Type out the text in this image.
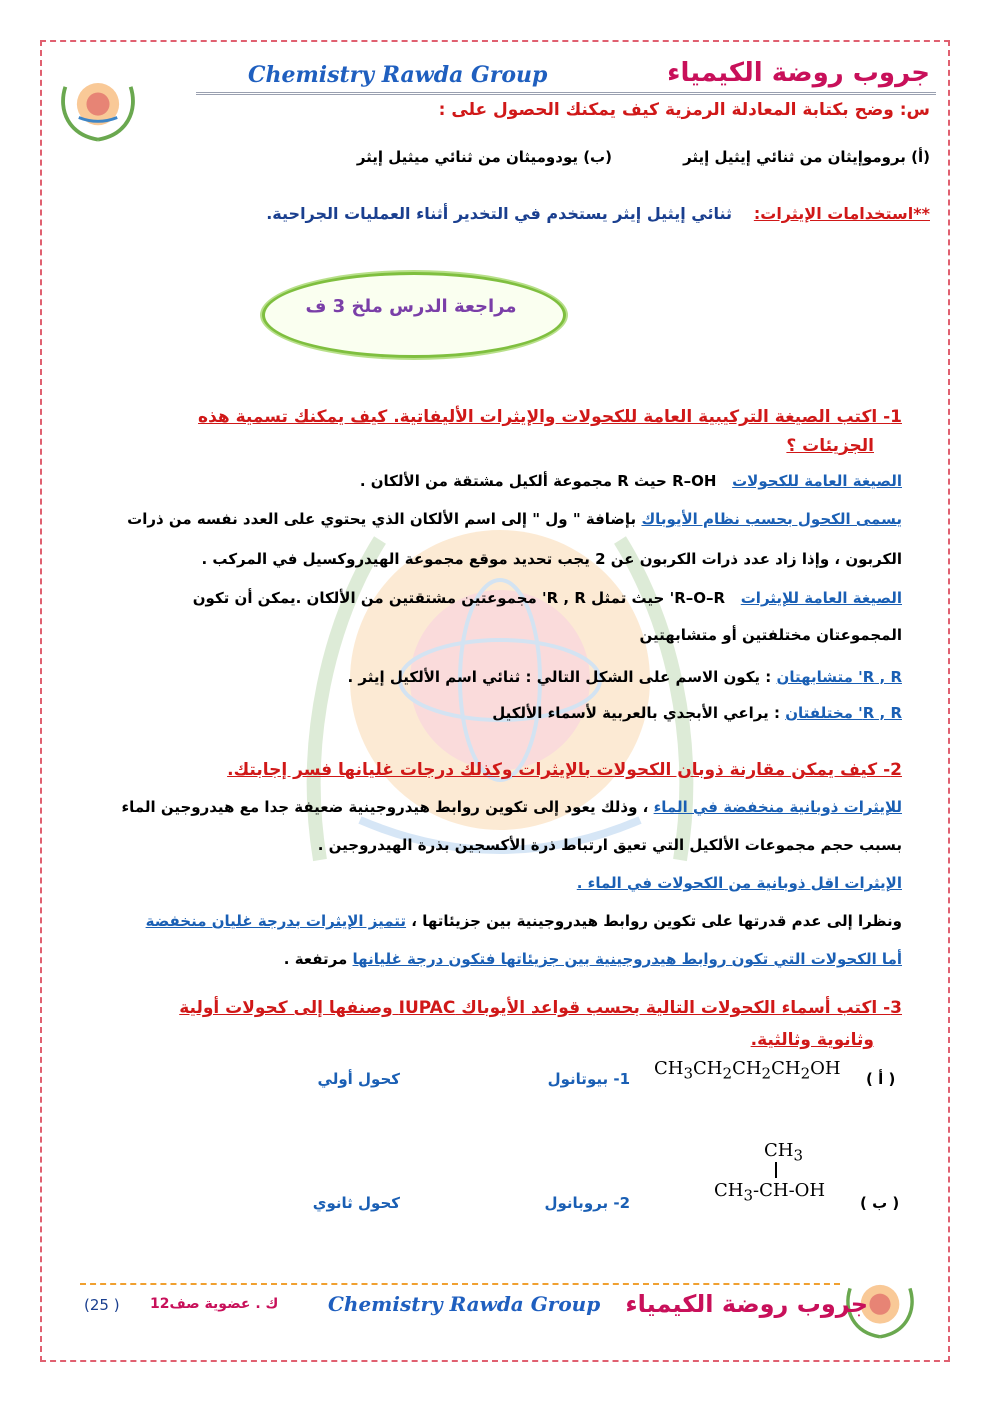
Chemistry Rawda Group	جروب روضة الكيمياء
س: وضح بكتابة المعادلة الرمزية كيف يمكنك الحصول على :
(أ) بروموإيثان من ثنائي إيثيل إيثر
(ب) يودوميثان من ثنائي ميثيل إيثر
**استخدامات الإيثرات:
ثنائي إيثيل إيثر يستخدم في التخدير أثناء العمليات الجراحية.
مراجعة الدرس ملخ 3 ف
1- اكتب الصيغة التركيبية العامة للكحولات والإيثرات الأليفاتية. كيف يمكنك تسمية هذه
الجزيئات ؟
الصيغة العامة للكحولات   R–OH حيث R مجموعة ألكيل مشتقة من الألكان .
يسمى الكحول بحسب نظام الأيوباك بإضافة " ول " إلى اسم الألكان الذي يحتوي على العدد نفسه من ذرات
الكربون ، وإذا زاد عدد ذرات الكربون عن 2 يجب تحديد موقع مجموعة الهيدروكسيل في المركب .
الصيغة العامة للإيثرات   R–O–R' حيث تمثل R , R' مجموعتين مشتقتين من الألكان .يمكن أن تكون
المجموعتان مختلفتين أو متشابهتين
R , R' متشابهتان : يكون الاسم على الشكل التالي : ثنائي اسم الألكيل إيثر .
R , R' مختلفتان : يراعي الأبجدي بالعربية لأسماء الألكيل
2- كيف يمكن مقارنة ذوبان الكحولات بالإيثرات وكذلك درجات غليانها فسر إجابتك.
للإيثرات ذوبانية منخفضة في الماء ، وذلك يعود إلى تكوين روابط هيدروجينية ضعيفة جدا مع هيدروجين الماء
بسبب حجم مجموعات الألكيل التي تعيق ارتباط ذرة الأكسجين بذرة الهيدروجين .
الإيثرات اقل ذوبانية من الكحولات في الماء .
ونظرا إلى عدم قدرتها على تكوين روابط هيدروجينية بين جزيئاتها ، تتميز الإيثرات بدرجة غليان منخفضة
أما الكحولات التي تكون روابط هيدروجينية بين جزيئاتها فتكون درجة غليانها مرتفعة .
3- اكتب أسماء الكحولات التالية بحسب قواعد الأيوباك IUPAC وصنفها إلى كحولات أولية
وثانوية وثالثية.
( أ )
$CH_3CH_2CH_2CH_2OH$
1- بيوتانول
كحول أولي
$CH_3$
$CH_3-CH-OH$
( ب )
2- بروبانول
كحول ثانوي
(25 ) ك . عضوية صف12 Chemistry Rawda Group جروب روضة الكيمياء
